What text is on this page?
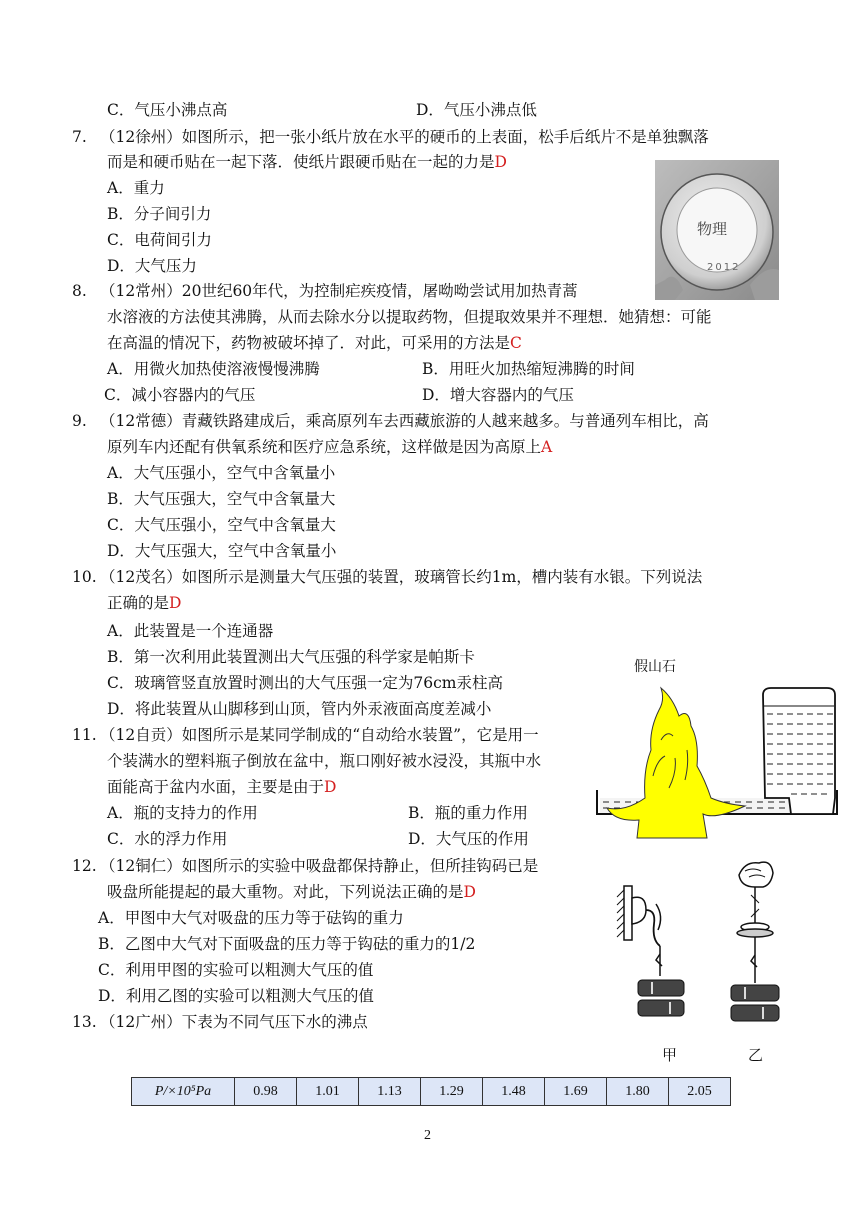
C．气压小沸点高	D．气压小沸点低
7. （12徐州）如图所示，把一张小纸片放在水平的硬币的上表面，松手后纸片不是单独飘落
而是和硬币贴在一起下落．使纸片跟硬币贴在一起的力是D
A．重力
B．分子间引力
C．电荷间引力
D．大气压力
物理
2012
8. （12常州）20世纪60年代，为控制疟疾疫情，屠呦呦尝试用加热青蒿
水溶液的方法使其沸腾，从而去除水分以提取药物，但提取效果并不理想．她猜想：可能
在高温的情况下，药物被破坏掉了．对此，可采用的方法是C
A．用微火加热使溶液慢慢沸腾	B．用旺火加热缩短沸腾的时间
C．减小容器内的气压	D．增大容器内的气压
9. （12常德）青藏铁路建成后，乘高原列车去西藏旅游的人越来越多。与普通列车相比，高
原列车内还配有供氧系统和医疗应急系统，这样做是因为高原上A
A．大气压强小，空气中含氧量小
B．大气压强大，空气中含氧量大
C．大气压强小，空气中含氧量大
D．大气压强大，空气中含氧量小
10. （12茂名）如图所示是测量大气压强的装置，玻璃管长约1m，槽内装有水银。下列说法
正确的是D
A．此装置是一个连通器
B．第一次利用此装置测出大气压强的科学家是帕斯卡
C．玻璃管竖直放置时测出的大气压强一定为76cm汞柱高
D．将此装置从山脚移到山顶，管内外汞液面高度差减小
11. （12自贡）如图所示是某同学制成的“自动给水装置”，它是用一
个装满水的塑料瓶子倒放在盆中，瓶口刚好被水浸没，其瓶中水
面能高于盆内水面，主要是由于D
A．瓶的支持力的作用	B．瓶的重力作用
C．水的浮力作用	D．大气压的作用
假山石
12. （12铜仁）如图所示的实验中吸盘都保持静止，但所挂钩码已是
吸盘所能提起的最大重物。对此，下列说法正确的是D
A．甲图中大气对吸盘的压力等于砝钩的重力
B．乙图中大气对下面吸盘的压力等于钩砝的重力的1/2
C．利用甲图的实验可以粗测大气压的值
D．利用乙图的实验可以粗测大气压的值
甲	乙
13. （12广州）下表为不同气压下水的沸点
P/×10⁵Pa	0.98	1.01	1.13	1.29	1.48	1.69	1.80	2.05
2
